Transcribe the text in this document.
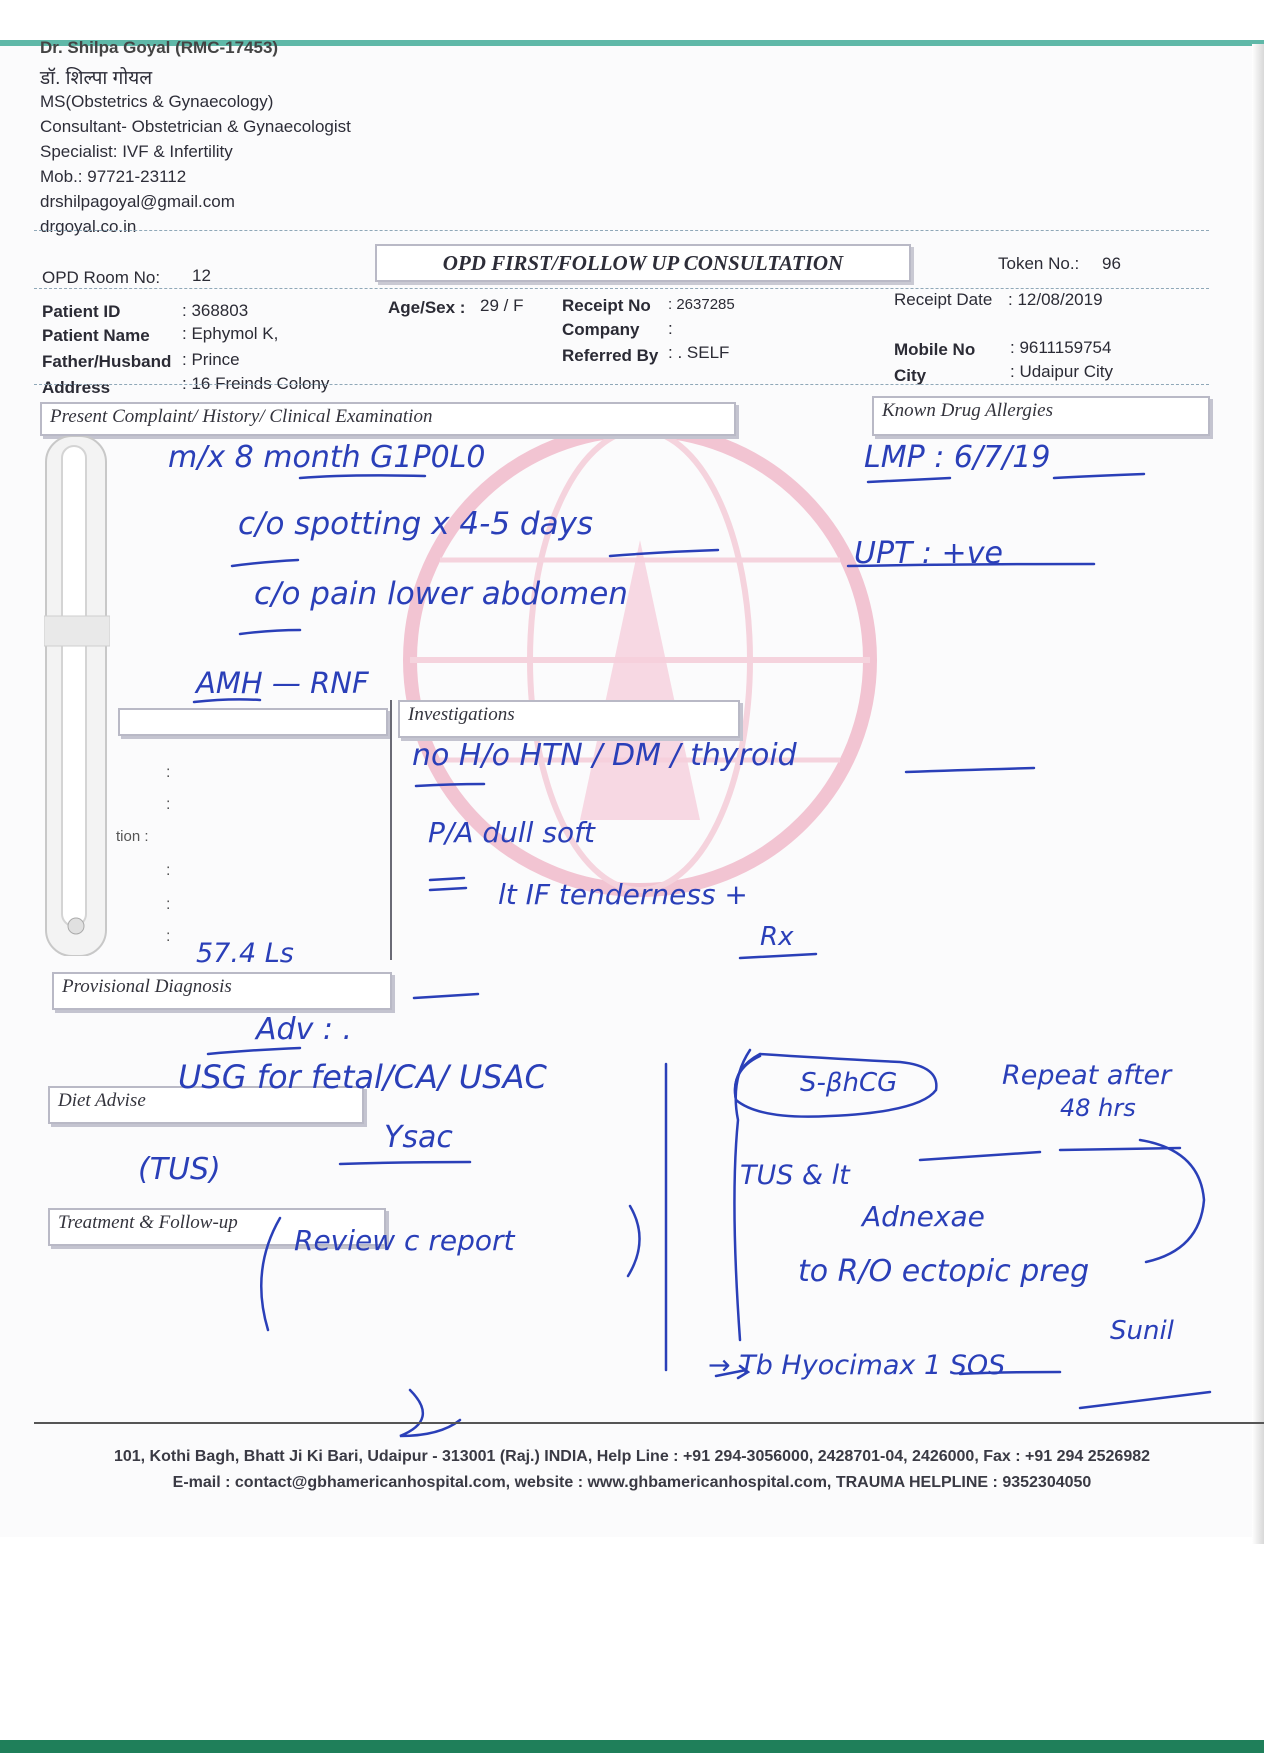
Dr. Shilpa Goyal (RMC-17453)
डॉ. शिल्पा गोयल
MS(Obstetrics & Gynaecology)
Consultant- Obstetrician & Gynaecologist
Specialist: IVF & Infertility
Mob.: 97721-23112
drshilpagoyal@gmail.com
drgoyal.co.in
OPD Room No: 12
OPD FIRST/FOLLOW UP CONSULTATION	Token No.: 96
Patient ID	: 368803
Patient Name : Ephymol K,
Father/Husband : Prince
Address	: 16 Freinds Colony
Age/Sex : 29 / F Receipt No : 2637285
Company :
Referred By : . SELF
Receipt Date : 12/08/2019
Mobile No : 9611159754
City	: Udaipur City
Present Complaint/ History/ Clinical Examination	Known Drug Allergies
Investigations
Provisional Diagnosis
Diet Advise
Treatment & Follow-up
tion :
:
:
:
:
:
m/x 8 month G1P0L0
c/o spotting x 4-5 days
c/o pain lower abdomen
AMH — RNF
no H/o HTN / DM / thyroid
P/A dull soft
lt IF tenderness +
Rx
LMP : 6/7/19
UPT : +ve
57.4 Ls
Adv : .
USG for fetal/CA/ USAC
Ysac
(TUS)
Review c report
S-βhCG	Repeat after
48 hrs
TUS & lt
Adnexae
to R/O ectopic preg
→ Tb Hyocimax 1 SOS
Sunil
101, Kothi Bagh, Bhatt Ji Ki Bari, Udaipur - 313001 (Raj.) INDIA, Help Line : +91 294-3056000, 2428701-04, 2426000, Fax : +91 294 2526982
E-mail : contact@gbhamericanhospital.com, website : www.ghbamericanhospital.com, TRAUMA HELPLINE : 9352304050
